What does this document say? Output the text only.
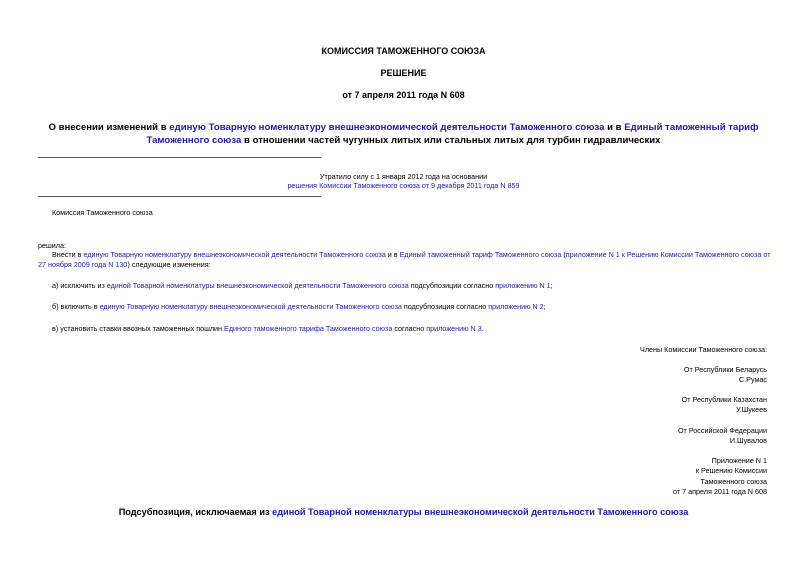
КОМИССИЯ ТАМОЖЕННОГО СОЮЗА
РЕШЕНИЕ
от 7 апреля 2011 года N 608
О внесении изменений в единую Товарную номенклатуру внешнеэкономической деятельности Таможенного союза и в Единый таможенный тариф Таможенного союза в отношении частей чугунных литых или стальных литых для турбин гидравлических
Утратило силу с 1 января 2012 года на основании
решения Комиссии Таможенного союза от 9 декабря 2011 года N 859
Комиссия Таможенного союза
решила:
Внести в единую Товарную номенклатуру внешнеэкономической деятельности Таможенного союза и в Единый таможенный тариф Таможенного союза (приложение N 1 к Решению Комиссии Таможенного союза от 27 ноября 2009 года N 130) следующие изменения:
а) исключить из единой Товарной номенклатуры внешнеэкономической деятельности Таможенного союза подсубпозиции согласно приложению N 1;
б) включить в единую Товарную номенклатуру внешнеэкономической деятельности Таможенного союза подсубпозиция согласно приложению N 2;
в) установить ставки ввозных таможенных пошлин Единого таможенного тарифа Таможенного союза согласно приложению N 3.
Члены Комиссии Таможенного союза:
От Республики Беларусь
С.Румас
От Республики Казахстан
У.Шукеев
От Российской Федерации
И.Шувалов
Приложение N 1
к Решению Комиссии
Таможенного союза
от 7 апреля 2011 года N 608
Подсубпозиция, исключаемая из единой Товарной номенклатуры внешнеэкономической деятельности Таможенного союза
